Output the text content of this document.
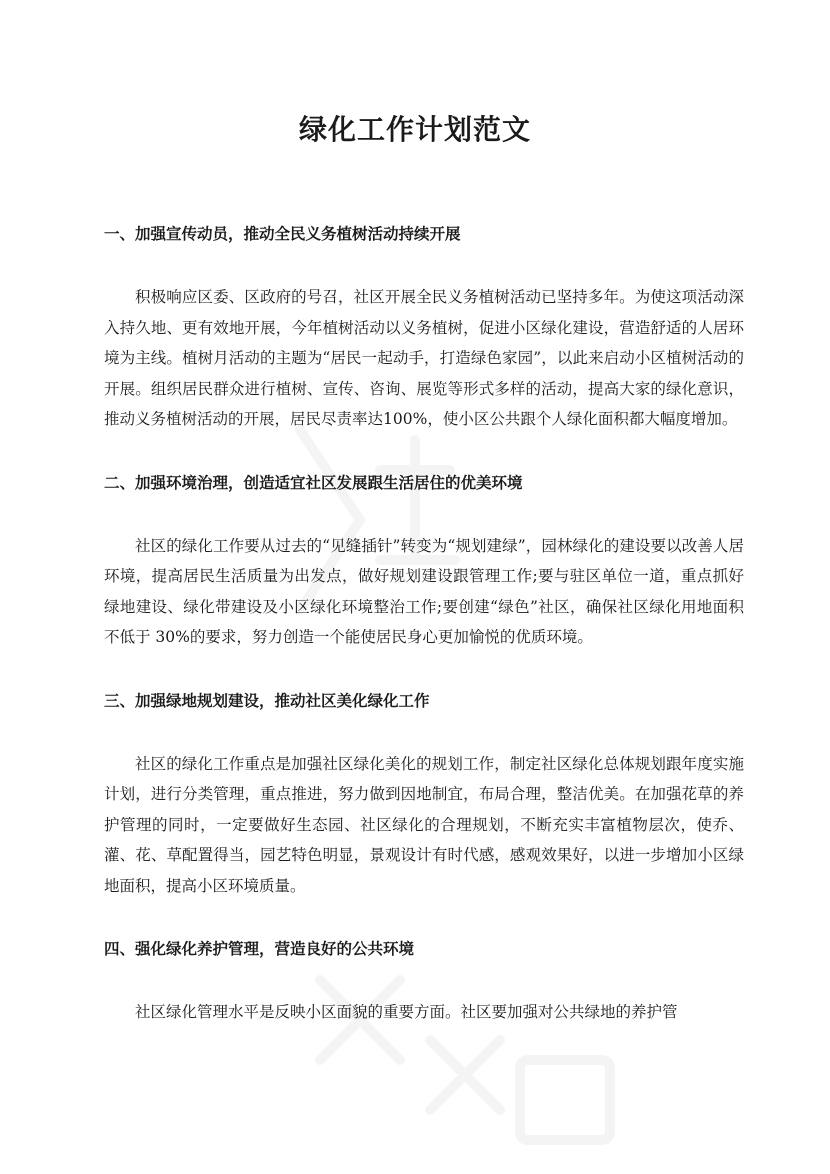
绿化工作计划范文
一、加强宣传动员，推动全民义务植树活动持续开展

积极响应区委、区政府的号召，社区开展全民义务植树活动已坚持多年。为使这项活动深入持久地、更有效地开展，今年植树活动以义务植树，促进小区绿化建设，营造舒适的人居环境为主线。植树月活动的主题为“居民一起动手，打造绿色家园”，以此来启动小区植树活动的开展。组织居民群众进行植树、宣传、咨询、展览等形式多样的活动，提高大家的绿化意识，推动义务植树活动的开展，居民尽责率达100%，使小区公共跟个人绿化面积都大幅度增加。

二、加强环境治理，创造适宜社区发展跟生活居住的优美环境

社区的绿化工作要从过去的“见缝插针”转变为“规划建绿”，园林绿化的建设要以改善人居环境，提高居民生活质量为出发点，做好规划建设跟管理工作;要与驻区单位一道，重点抓好绿地建设、绿化带建设及小区绿化环境整治工作;要创建“绿色”社区，确保社区绿化用地面积不低于 30%的要求，努力创造一个能使居民身心更加愉悦的优质环境。

三、加强绿地规划建设，推动社区美化绿化工作

社区的绿化工作重点是加强社区绿化美化的规划工作，制定社区绿化总体规划跟年度实施计划，进行分类管理，重点推进，努力做到因地制宜，布局合理，整洁优美。在加强花草的养护管理的同时，一定要做好生态园、社区绿化的合理规划，不断充实丰富植物层次，使乔、灌、花、草配置得当，园艺特色明显，景观设计有时代感，感观效果好，以进一步增加小区绿地面积，提高小区环境质量。

四、强化绿化养护管理，营造良好的公共环境

社区绿化管理水平是反映小区面貌的重要方面。社区要加强对公共绿地的养护管
